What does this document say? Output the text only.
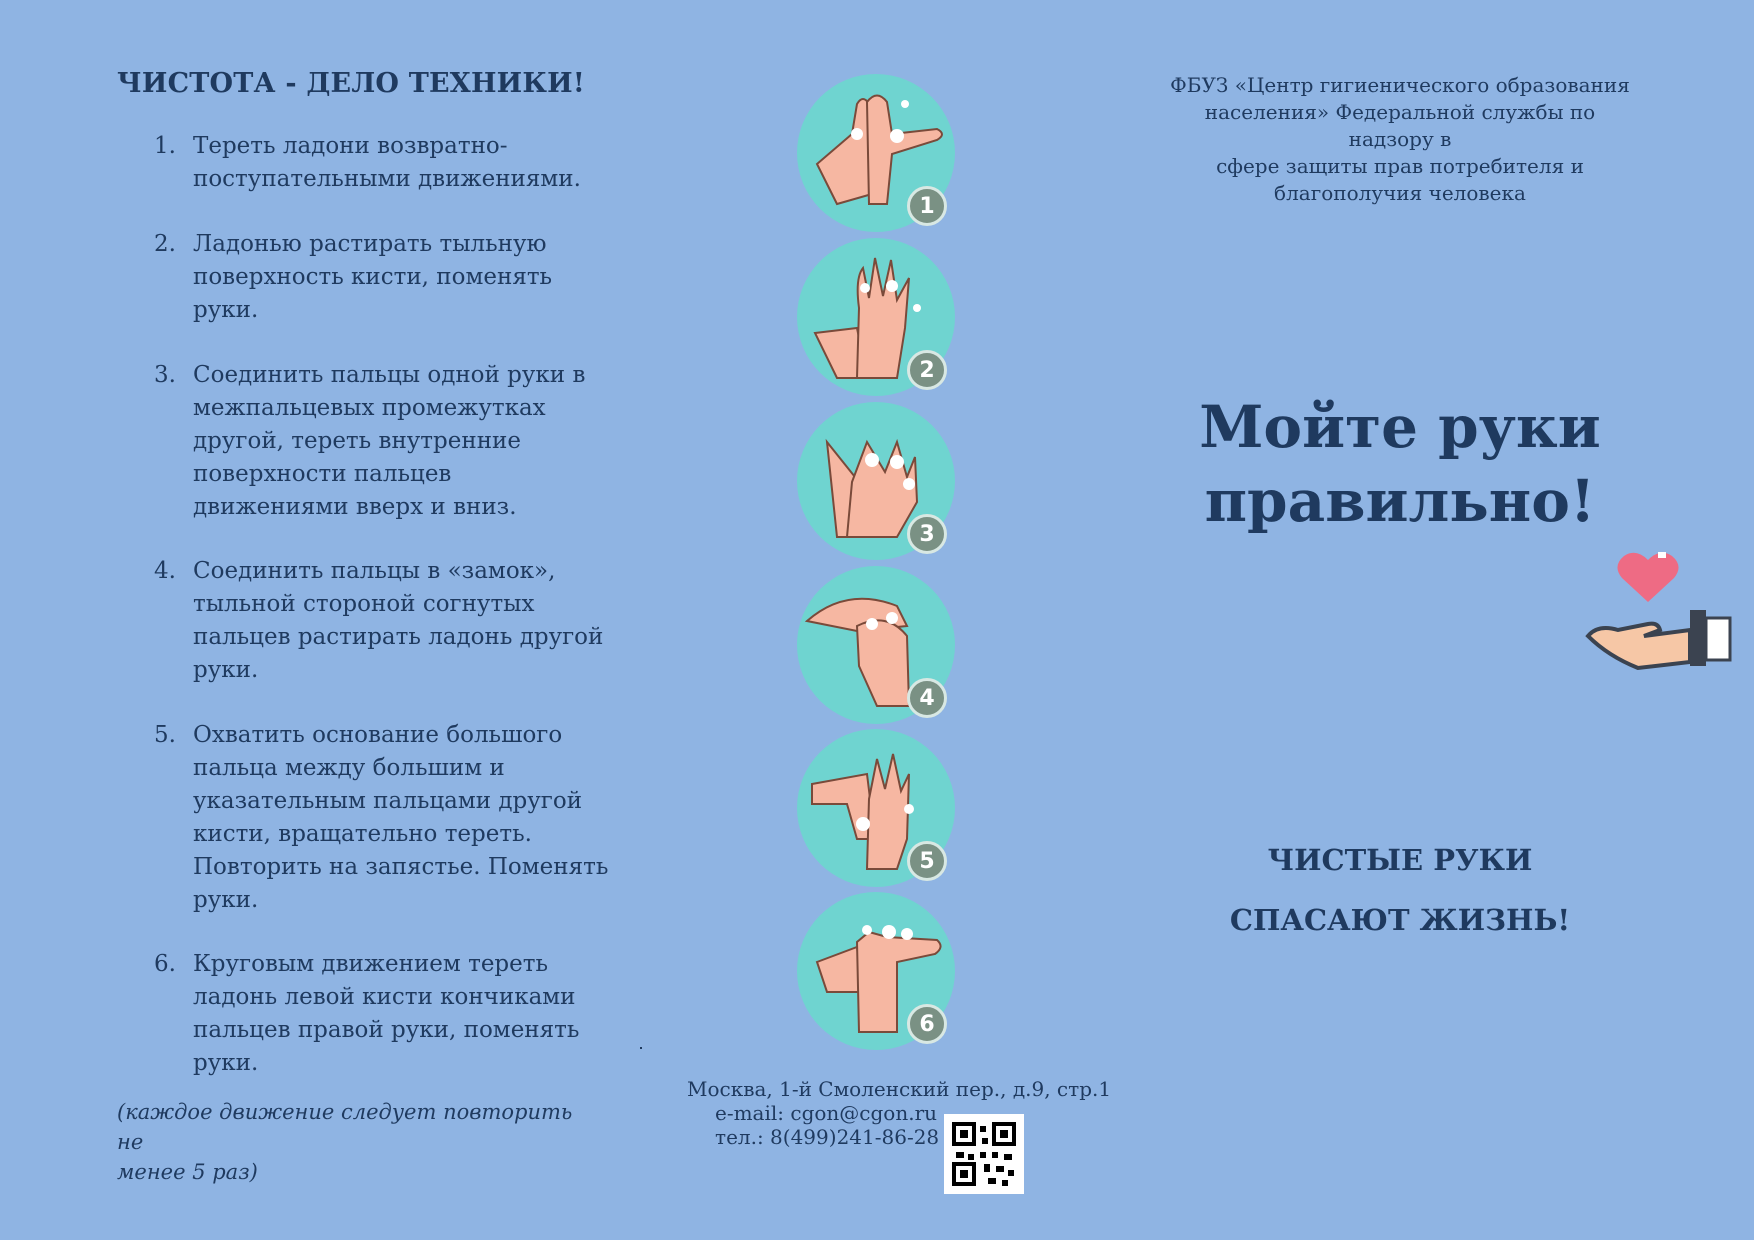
ЧИСТОТА - ДЕЛО ТЕХНИКИ!
1. Тереть ладони возвратно-
поступательными движениями.
2. Ладонью растирать тыльную
поверхность кисти, поменять
руки.
3. Соединить пальцы одной руки в
межпальцевых промежутках
другой, тереть внутренние
поверхности пальцев
движениями вверх и вниз.
4. Соединить пальцы в «замок»,
тыльной стороной согнутых
пальцев растирать ладонь другой
руки.
5. Охватить основание большого
пальца между большим и
указательным пальцами другой
кисти, вращательно тереть.
Повторить на запястье. Поменять
руки.
6. Круговым движением тереть
ладонь левой кисти кончиками
пальцев правой руки, поменять
руки.
(каждое движение следует повторить не
менее 5 раз)
1
2
3
4
5
6
Москва, 1-й Смоленский пер., д.9, стр.1
e-mail: cgon@cgon.ru
тел.: 8(499)241-86-28
ФБУЗ «Центр гигиенического образования
населения» Федеральной службы по надзору в
сфере защиты прав потребителя и
благополучия человека
Мойте руки
правильно!
ЧИСТЫЕ РУКИ
СПАСАЮТ ЖИЗНЬ!
